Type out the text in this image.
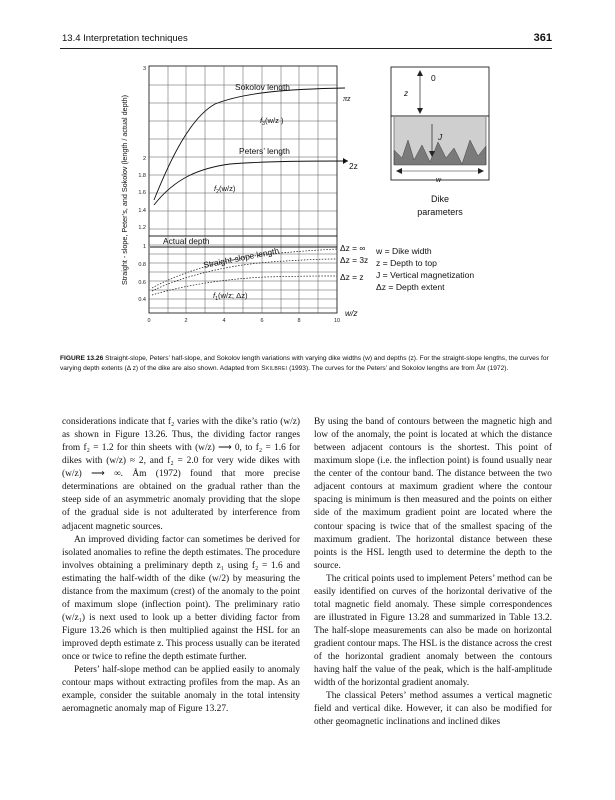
13.4 Interpretation techniques	361
3
2
1.8
1.6
1.4
1.2
1
0.8
0.6
0.4
0	2	4	6	8	10
Straight - slope, Peter’s, and Sokolov (length / actual depth)
Sokolov length
πz
$f_3(w/z$ )
Peters’ length
2z
$f_2(w/z)$
Actual depth
Straight-slope length	Δz = ∞
Δz = 3z
Δz = z
$f_1(w/z$; Δz)
w/z
0
z
J
w
Dike
parameters
w = Dike width
z = Depth to top
J = Vertical magnetization
Δz = Depth extent
FIGURE 13.26 Straight-slope, Peters’ half-slope, and Sokolov length variations with varying dike widths (w) and depths (z). For the straight-slope lengths, the curves for varying depth extents (Δ z) of the dike are also shown. Adapted from Skilbrei (1993). The curves for the Peters’ and Sokolov lengths are from Åm (1972).

considerations indicate that f₂ varies with the dike’s ratio (w/z) as shown in Figure 13.26. Thus, the dividing factor ranges from f₂ = 1.2 for thin sheets with (w/z) ⟶ 0, to f₂ = 1.6 for dikes with (w/z) ≈ 2, and f₂ = 2.0 for very wide dikes with (w/z) ⟶ ∞. Åm (1972) found that more precise determinations are obtained on the gradual rather than the steep side of an asymmetric anomaly providing that the slope of the gradual side is not adulterated by interference from adjacent magnetic sources.

An improved dividing factor can sometimes be derived for isolated anomalies to refine the depth estimates. The procedure involves obtaining a preliminary depth z₁ using f₂ = 1.6 and estimating the half-width of the dike (w/2) by measuring the distance from the maximum (crest) of the anomaly to the point of maximum slope (inflection point). The preliminary ratio (w/z₁) is next used to look up a better dividing factor from Figure 13.26 which is then multiplied against the HSL for an improved depth estimate z. This process usually can be iterated once or twice to refine the depth estimate further.

Peters’ half-slope method can be applied easily to anomaly contour maps without extracting profiles from the map. As an example, consider the suitable anomaly in the total intensity aeromagnetic anomaly map of Figure 13.27.

By using the band of contours between the magnetic high and low of the anomaly, the point is located at which the distance between adjacent contours is the shortest. This point of maximum slope (i.e. the inflection point) is found usually near the center of the contour band. The distance between the two adjacent contours at maximum gradient where the contour spacing is minimum is then measured and the points on either side of the maximum gradient point are located where the contour spacing is twice that of the smallest spacing of the maximum gradient. The horizontal distance between these points is the HSL length used to determine the depth to the source.

The critical points used to implement Peters’ method can be easily identified on curves of the horizontal derivative of the total magnetic field anomaly. These simple correspondences are illustrated in Figure 13.28 and summarized in Table 13.2. The half-slope measurements can also be made on horizontal gradient contour maps. The HSL is the distance across the crest of the horizontal gradient anomaly between the contours having half the value of the peak, which is the half-amplitude width of the horizontal gradient anomaly.

The classical Peters’ method assumes a vertical magnetic field and vertical dike. However, it can also be modified for other geomagnetic inclinations and inclined dikes
